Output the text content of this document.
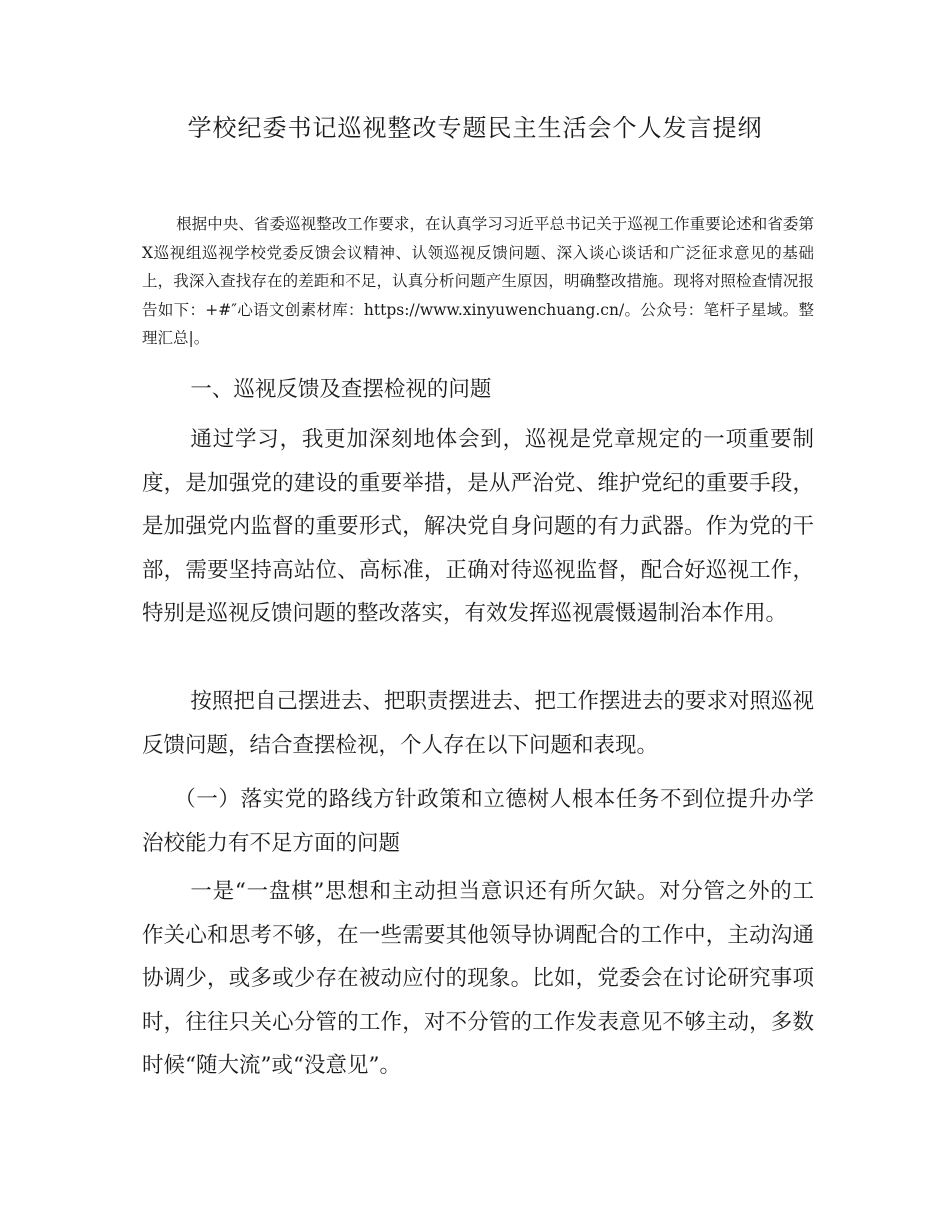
学校纪委书记巡视整改专题民主生活会个人发言提纲
根据中央、省委巡视整改工作要求，在认真学习习近平总书记关于巡视工作重要论述和省委第X巡视组巡视学校党委反馈会议精神、认领巡视反馈问题、深入谈心谈话和广泛征求意见的基础上，我深入查找存在的差距和不足，认真分析问题产生原因，明确整改措施。现将对照检查情况报告如下：+#″心语文创素材库：https://www.xinyuwenchuang.cn/。公众号：笔杆子星域。整理汇总|。
一、巡视反馈及查摆检视的问题
通过学习，我更加深刻地体会到，巡视是党章规定的一项重要制度，是加强党的建设的重要举措，是从严治党、维护党纪的重要手段，是加强党内监督的重要形式，解决党自身问题的有力武器。作为党的干部，需要坚持高站位、高标准，正确对待巡视监督，配合好巡视工作，特别是巡视反馈问题的整改落实，有效发挥巡视震慑遏制治本作用。
按照把自己摆进去、把职责摆进去、把工作摆进去的要求对照巡视反馈问题，结合查摆检视，个人存在以下问题和表现。
（一）落实党的路线方针政策和立德树人根本任务不到位提升办学治校能力有不足方面的问题
一是“一盘棋”思想和主动担当意识还有所欠缺。对分管之外的工作关心和思考不够，在一些需要其他领导协调配合的工作中，主动沟通协调少，或多或少存在被动应付的现象。比如，党委会在讨论研究事项时，往往只关心分管的工作，对不分管的工作发表意见不够主动，多数时候“随大流”或“没意见”。
